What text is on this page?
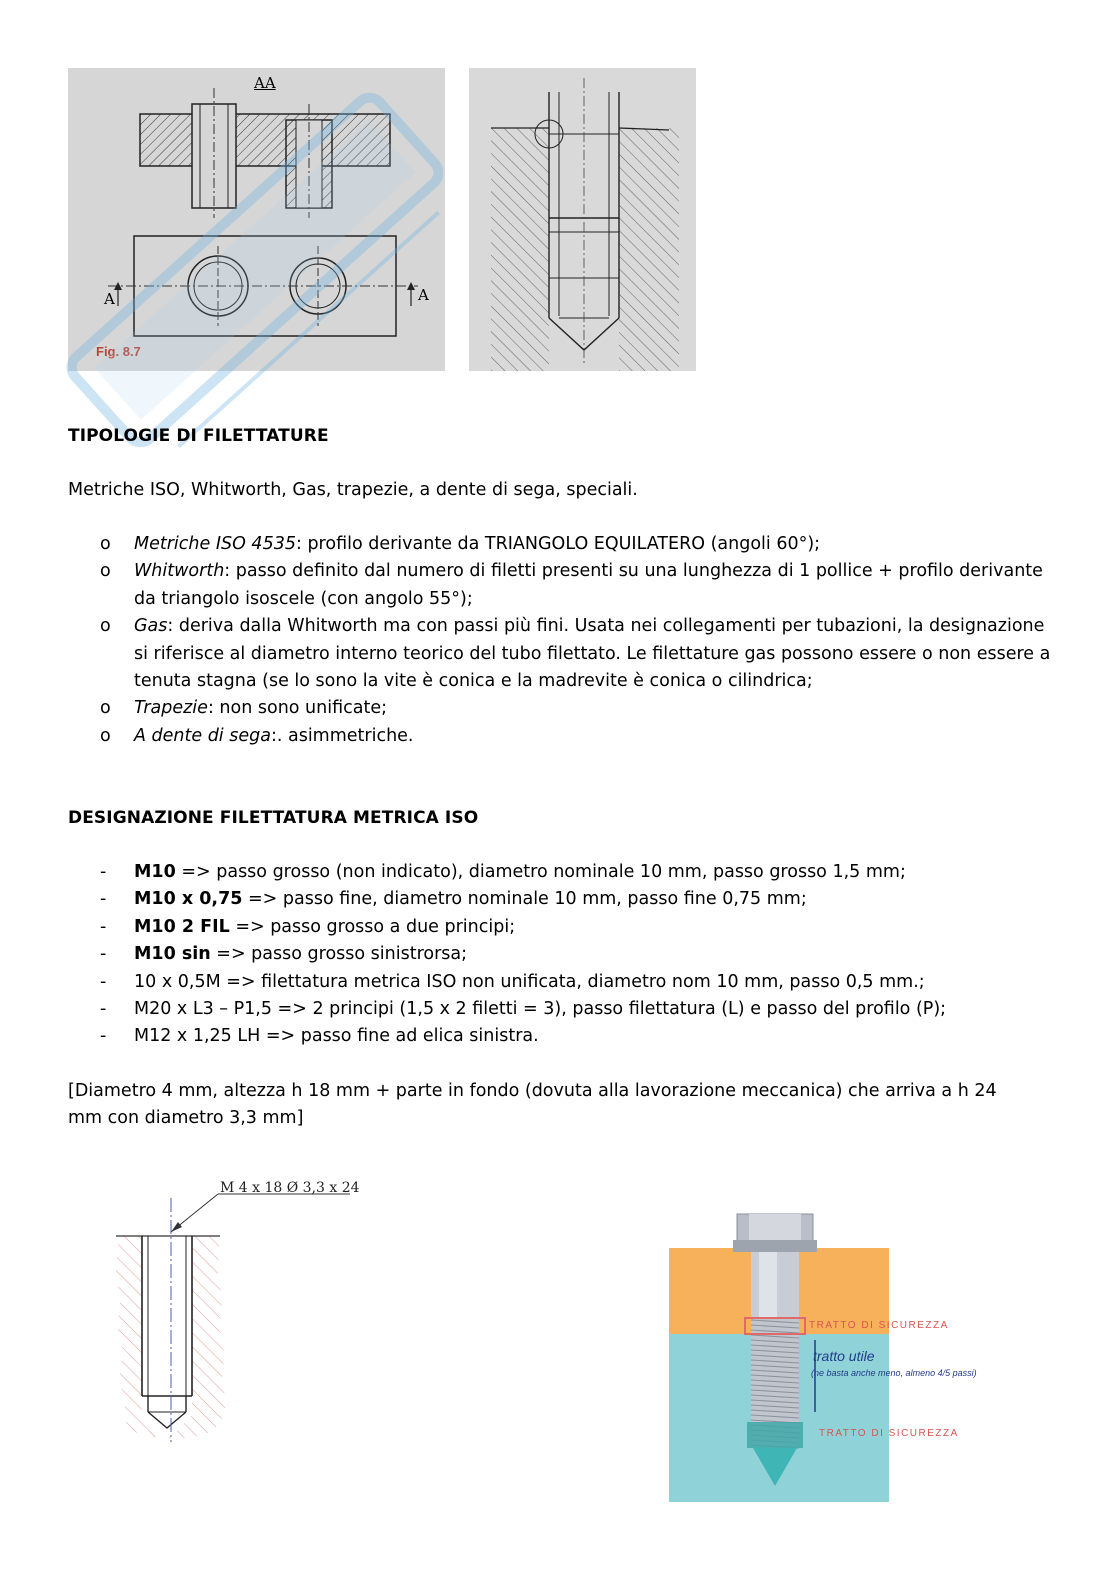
AA
A	A
Fig. 8.7
TIPOLOGIE DI FILETTATURE
Metriche ISO, Whitworth, Gas, trapezie, a dente di sega, speciali.
o	Metriche ISO 4535: profilo derivante da TRIANGOLO EQUILATERO (angoli 60°);
o	Whitworth: passo definito dal numero di filetti presenti su una lunghezza di 1 pollice + profilo derivante da triangolo isoscele (con angolo 55°);
o	Gas: deriva dalla Whitworth ma con passi più fini. Usata nei collegamenti per tubazioni, la designazione si riferisce al diametro interno teorico del tubo filettato. Le filettature gas possono essere o non essere a tenuta stagna (se lo sono la vite è conica e la madrevite è conica o cilindrica;
o	Trapezie: non sono unificate;
o	A dente di sega:. asimmetriche.
DESIGNAZIONE FILETTATURA METRICA ISO
-	M10 => passo grosso (non indicato), diametro nominale 10 mm, passo grosso 1,5 mm;
-	M10 x 0,75 => passo fine, diametro nominale 10 mm, passo fine 0,75 mm;
-	M10 2 FIL => passo grosso a due principi;
-	M10 sin => passo grosso sinistrorsa;
-	10 x 0,5M => filettatura metrica ISO non unificata, diametro nom 10 mm, passo 0,5 mm.;
-	M20 x L3 – P1,5 => 2 principi (1,5 x 2 filetti = 3), passo filettatura (L) e passo del profilo (P);
-	M12 x 1,25 LH => passo fine ad elica sinistra.
[Diametro 4 mm, altezza h 18 mm + parte in fondo (dovuta alla lavorazione meccanica) che arriva a h 24 mm con diametro 3,3 mm]
M 4 x 18 Ø 3,3 x 24
TRATTO DI SICUREZZA
tratto utile
(ne basta anche meno, almeno 4/5 passi)
TRATTO DI SICUREZZA
